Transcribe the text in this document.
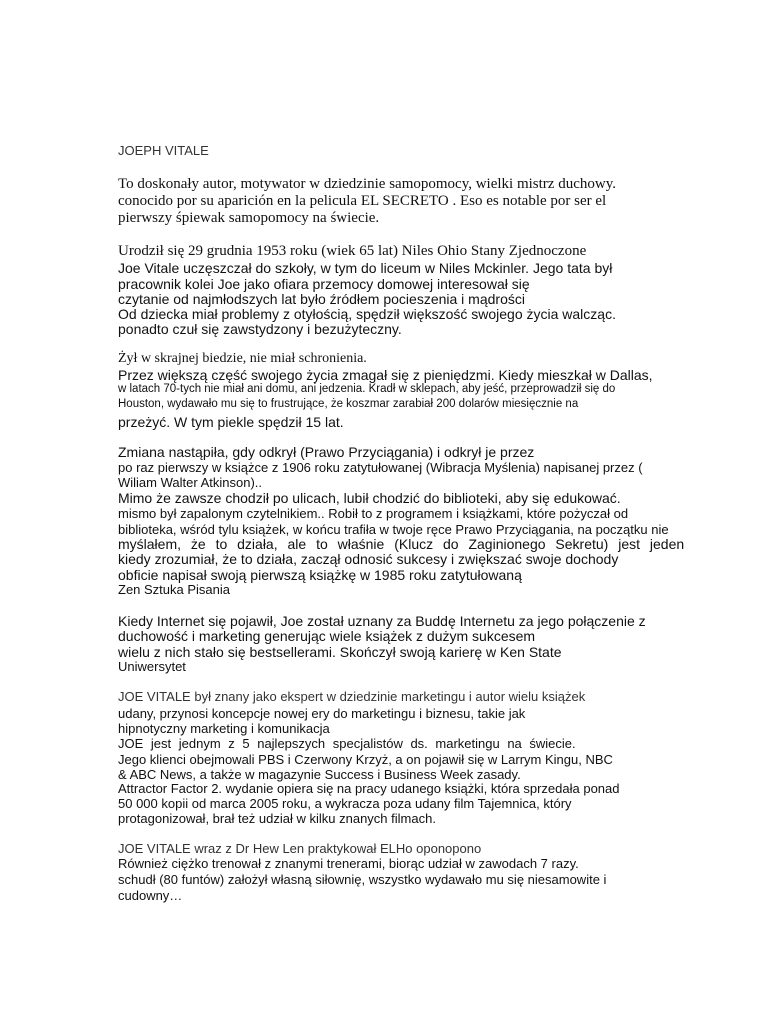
JOEPH VITALE
To doskonały autor, motywator w dziedzinie samopomocy, wielki mistrz duchowy.
conocido por su aparición en la pelicula EL SECRETO . Eso es notable por ser el
pierwszy śpiewak samopomocy na świecie.
Urodził się 29 grudnia 1953 roku (wiek 65 lat) Niles Ohio Stany Zjednoczone
Joe Vitale uczęszczał do szkoły, w tym do liceum w Niles Mckinler. Jego tata był
pracownik kolei Joe jako ofiara przemocy domowej interesował się
czytanie od najmłodszych lat było źródłem pocieszenia i mądrości
Od dziecka miał problemy z otyłością, spędził większość swojego życia walcząc.
ponadto czuł się zawstydzony i bezużyteczny.
Żył w skrajnej biedzie, nie miał schronienia.
Przez większą część swojego życia zmagał się z pieniędzmi. Kiedy mieszkał w Dallas,
w latach 70-tych nie miał ani domu, ani jedzenia. Kradł w sklepach, aby jeść, przeprowadził się do
Houston, wydawało mu się to frustrujące, że koszmar zarabiał 200 dolarów miesięcznie na
przeżyć. W tym piekle spędził 15 lat.
Zmiana nastąpiła, gdy odkrył (Prawo Przyciągania) i odkrył je przez
po raz pierwszy w książce z 1906 roku zatytułowanej (Wibracja Myślenia) napisanej przez (
Wiliam Walter Atkinson)..
Mimo że zawsze chodził po ulicach, lubił chodzić do biblioteki, aby się edukować.
mismo był zapalonym czytelnikiem.. Robił to z programem i książkami, które pożyczał od
biblioteka, wśród tylu książek, w końcu trafiła w twoje ręce Prawo Przyciągania, na początku nie
myślałem, że to działa, ale to właśnie (Klucz do Zaginionego Sekretu) jest jeden
kiedy zrozumiał, że to działa, zaczął odnosić sukcesy i zwiększać swoje dochody
obficie napisał swoją pierwszą książkę w 1985 roku zatytułowaną
Zen Sztuka Pisania
Kiedy Internet się pojawił, Joe został uznany za Buddę Internetu za jego połączenie z
duchowość i marketing generując wiele książek z dużym sukcesem
wielu z nich stało się bestsellerami. Skończył swoją karierę w Ken State
Uniwersytet
JOE VITALE był znany jako ekspert w dziedzinie marketingu i autor wielu książek
udany, przynosi koncepcje nowej ery do marketingu i biznesu, takie jak
hipnotyczny marketing i komunikacja
JOE jest jednym z 5 najlepszych specjalistów ds. marketingu na świecie.
Jego klienci obejmowali PBS i Czerwony Krzyż, a on pojawił się w Larrym Kingu, NBC
& ABC News, a także w magazynie Success i Business Week zasady.
Attractor Factor 2. wydanie opiera się na pracy udanego książki, która sprzedała ponad
50 000 kopii od marca 2005 roku, a wykracza poza udany film Tajemnica, który
protagonizował, brał też udział w kilku znanych filmach.
JOE VITALE wraz z Dr Hew Len praktykował ELHo oponopono
Również ciężko trenował z znanymi trenerami, biorąc udział w zawodach 7 razy.
schudł (80 funtów) założył własną siłownię, wszystko wydawało mu się niesamowite i
cudowny…
